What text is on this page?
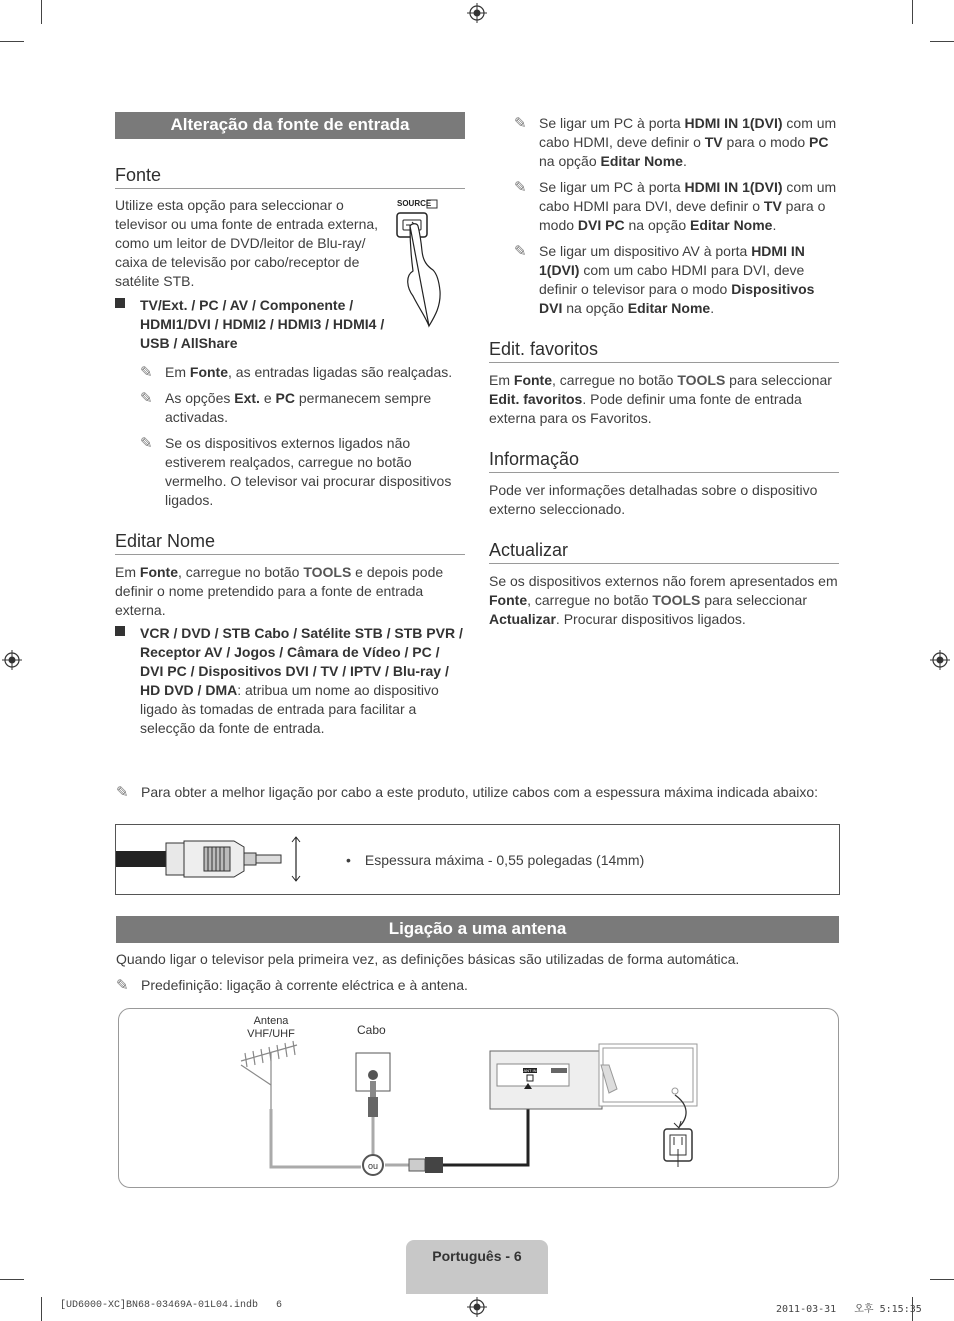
Alteração da fonte de entrada
Fonte
Utilize esta opção para seleccionar o televisor ou uma fonte de entrada externa, como um leitor de DVD/leitor de Blu-ray/ caixa de televisão por cabo/receptor de satélite STB.
SOURCE
TV/Ext. / PC / AV / Componente / HDMI1/DVI / HDMI2 / HDMI3 / HDMI4 / USB / AllShare
✎ Em Fonte, as entradas ligadas são realçadas.
✎ As opções Ext. e PC permanecem sempre activadas.
✎ Se os dispositivos externos ligados não estiverem realçados, carregue no botão vermelho. O televisor vai procurar dispositivos ligados.
Editar Nome
Em Fonte, carregue no botão TOOLS e depois pode definir o nome pretendido para a fonte de entrada externa.
VCR / DVD / STB Cabo / Satélite STB / STB PVR / Receptor AV / Jogos / Câmara de Vídeo / PC / DVI PC / Dispositivos DVI / TV / IPTV / Blu-ray / HD DVD / DMA: atribua um nome ao dispositivo ligado às tomadas de entrada para facilitar a selecção da fonte de entrada.
✎ Se ligar um PC à porta HDMI IN 1(DVI) com um cabo HDMI, deve definir o TV para o modo PC na opção Editar Nome.
✎ Se ligar um PC à porta HDMI IN 1(DVI) com um cabo HDMI para DVI, deve definir o TV para o modo DVI PC na opção Editar Nome.
✎ Se ligar um dispositivo AV à porta HDMI IN 1(DVI) com um cabo HDMI para DVI, deve definir o televisor para o modo Dispositivos DVI na opção Editar Nome.
Edit. favoritos
Em Fonte, carregue no botão TOOLS para seleccionar Edit. favoritos. Pode definir uma fonte de entrada externa para os Favoritos.
Informação
Pode ver informações detalhadas sobre o dispositivo externo seleccionado.
Actualizar
Se os dispositivos externos não forem apresentados em Fonte, carregue no botão TOOLS para seleccionar Actualizar. Procurar dispositivos ligados.
✎ Para obter a melhor ligação por cabo a este produto, utilize cabos com a espessura máxima indicada abaixo:
• Espessura máxima - 0,55 polegadas (14mm)
Ligação a uma antena
Quando ligar o televisor pela primeira vez, as definições básicas são utilizadas de forma automática.
✎ Predefinição: ligação à corrente eléctrica e à antena.
Antena
VHF/UHF	Cabo
ou
ANT IN
Português - 6
[UD6000-XC]BN68-03469A-01L04.indb   6	2011-03-31   오후 5:15:35
